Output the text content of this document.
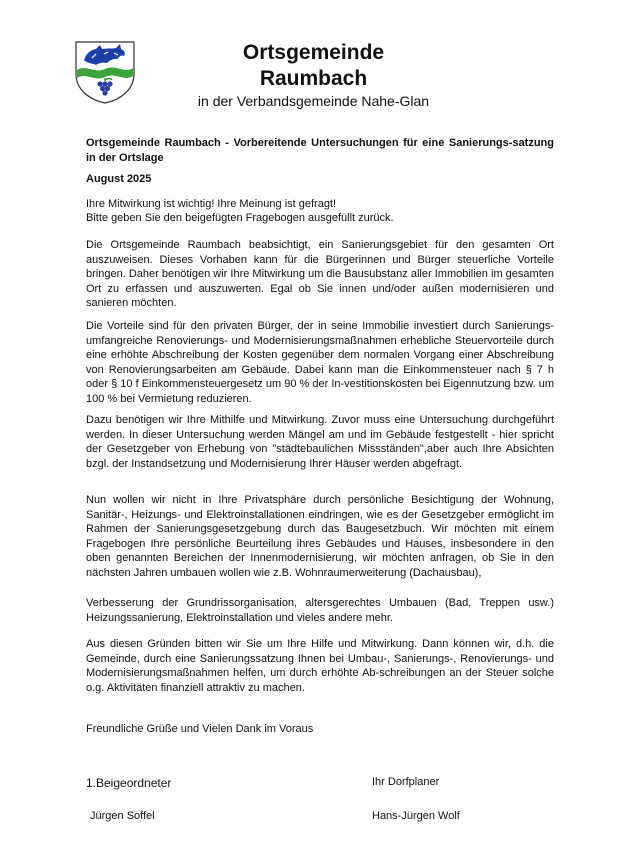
Ortsgemeinde
Raumbach
in der Verbandsgemeinde Nahe-Glan
Ortsgemeinde Raumbach - Vorbereitende Untersuchungen für eine Sanierungs-satzung in der Ortslage
August 2025
Ihre Mitwirkung ist wichtig! Ihre Meinung ist gefragt!
Bitte geben Sie den beigefügten Fragebogen ausgefüllt zurück.
Die Ortsgemeinde Raumbach beabsichtigt, ein Sanierungsgebiet für den gesamten Ort auszuweisen. Dieses Vorhaben kann für die Bürgerinnen und Bürger steuerliche Vorteile bringen. Daher benötigen wir Ihre Mitwirkung um die Bausubstanz aller Immobilien im gesamten Ort zu erfassen und auszuwerten. Egal ob Sie innen und/oder außen modernisieren und sanieren möchten.
Die Vorteile sind für den privaten Bürger, der in seine Immobilie investiert durch Sanierungs-umfangreiche Renovierungs- und Modernisierungsmaßnahmen erhebliche Steuervorteile durch eine erhöhte Abschreibung der Kosten gegenüber dem normalen Vorgang einer Abschreibung von Renovierungsarbeiten am Gebäude. Dabei kann man die Einkommensteuer nach § 7 h oder § 10 f Einkommensteuergesetz um 90 % der In-vestitionskosten bei Eigennutzung bzw. um 100 % bei Vermietung reduzieren.
Dazu benötigen wir Ihre Mithilfe und Mitwirkung. Zuvor muss eine Untersuchung durchgeführt werden. In dieser Untersuchung werden Mängel am und im Gebäude festgestellt - hier spricht der Gesetzgeber von Erhebung von "städtebaulichen Missständen",aber auch Ihre Absichten bzgl. der Instandsetzung und Modernisierung Ihrer Häuser werden abgefragt.
Nun wollen wir nicht in Ihre Privatsphäre durch persönliche Besichtigung der Wohnung, Sanitär-, Heizungs- und Elektroinstallationen eindringen, wie es der Gesetzgeber ermöglicht im Rahmen der Sanierungsgesetzgebung durch das Baugesetzbuch. Wir möchten mit einem Fragebogen Ihre persönliche Beurteilung ihres Gebäudes und Hauses, insbesondere in den oben genannten Bereichen der Innenmodernisierung, wir möchten anfragen, ob Sie in den nächsten Jahren umbauen wollen wie z.B. Wohnraumerweiterung (Dachausbau),
Verbesserung der Grundrissorganisation, altersgerechtes Umbauen (Bad, Treppen usw.) Heizungssanierung, Elektroinstallation und vieles andere mehr.
Aus diesen Gründen bitten wir Sie um Ihre Hilfe und Mitwirkung. Dann können wir, d.h. die Gemeinde, durch eine Sanierungssatzung Ihnen bei Umbau-, Sanierungs-, Renovierungs- und Modernisierungsmaßnahmen helfen, um durch erhöhte Ab-schreibungen an der Steuer solche o.g. Aktivitäten finanziell attraktiv zu machen.
Freundliche Grüße und Vielen Dank im Voraus
1.Beigeordneter	Ihr Dorfplaner
Jürgen Soffel	Hans-Jürgen Wolf
